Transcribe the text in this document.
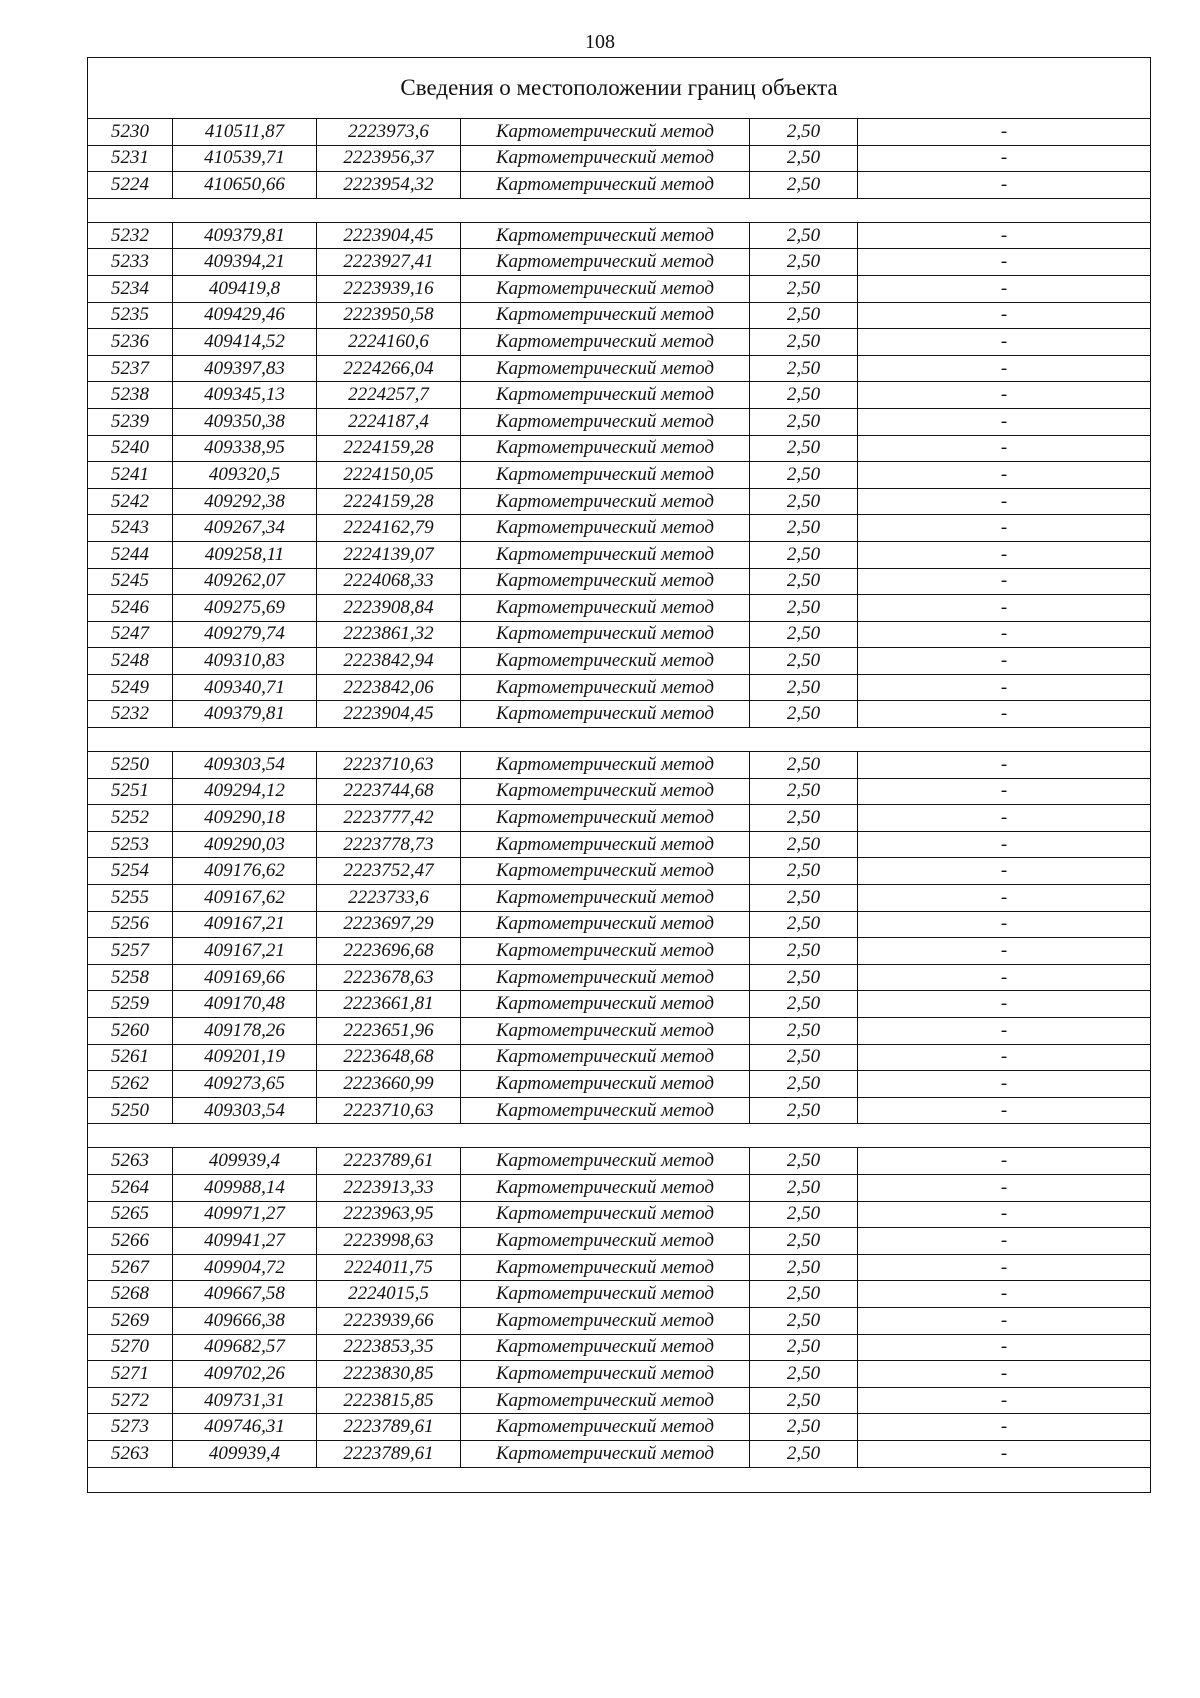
108
Сведения о местоположении границ объекта					
5230	410511,87	2223973,6	Картометрический метод	2,50	-
5231	410539,71	2223956,37	Картометрический метод	2,50	-
5224	410650,66	2223954,32	Картометрический метод	2,50	-

5232	409379,81	2223904,45	Картометрический метод	2,50	-
5233	409394,21	2223927,41	Картометрический метод	2,50	-
5234	409419,8	2223939,16	Картометрический метод	2,50	-
5235	409429,46	2223950,58	Картометрический метод	2,50	-
5236	409414,52	2224160,6	Картометрический метод	2,50	-
5237	409397,83	2224266,04	Картометрический метод	2,50	-
5238	409345,13	2224257,7	Картометрический метод	2,50	-
5239	409350,38	2224187,4	Картометрический метод	2,50	-
5240	409338,95	2224159,28	Картометрический метод	2,50	-
5241	409320,5	2224150,05	Картометрический метод	2,50	-
5242	409292,38	2224159,28	Картометрический метод	2,50	-
5243	409267,34	2224162,79	Картометрический метод	2,50	-
5244	409258,11	2224139,07	Картометрический метод	2,50	-
5245	409262,07	2224068,33	Картометрический метод	2,50	-
5246	409275,69	2223908,84	Картометрический метод	2,50	-
5247	409279,74	2223861,32	Картометрический метод	2,50	-
5248	409310,83	2223842,94	Картометрический метод	2,50	-
5249	409340,71	2223842,06	Картометрический метод	2,50	-
5232	409379,81	2223904,45	Картометрический метод	2,50	-

5250	409303,54	2223710,63	Картометрический метод	2,50	-
5251	409294,12	2223744,68	Картометрический метод	2,50	-
5252	409290,18	2223777,42	Картометрический метод	2,50	-
5253	409290,03	2223778,73	Картометрический метод	2,50	-
5254	409176,62	2223752,47	Картометрический метод	2,50	-
5255	409167,62	2223733,6	Картометрический метод	2,50	-
5256	409167,21	2223697,29	Картометрический метод	2,50	-
5257	409167,21	2223696,68	Картометрический метод	2,50	-
5258	409169,66	2223678,63	Картометрический метод	2,50	-
5259	409170,48	2223661,81	Картометрический метод	2,50	-
5260	409178,26	2223651,96	Картометрический метод	2,50	-
5261	409201,19	2223648,68	Картометрический метод	2,50	-
5262	409273,65	2223660,99	Картометрический метод	2,50	-
5250	409303,54	2223710,63	Картометрический метод	2,50	-

5263	409939,4	2223789,61	Картометрический метод	2,50	-
5264	409988,14	2223913,33	Картометрический метод	2,50	-
5265	409971,27	2223963,95	Картометрический метод	2,50	-
5266	409941,27	2223998,63	Картометрический метод	2,50	-
5267	409904,72	2224011,75	Картометрический метод	2,50	-
5268	409667,58	2224015,5	Картометрический метод	2,50	-
5269	409666,38	2223939,66	Картометрический метод	2,50	-
5270	409682,57	2223853,35	Картометрический метод	2,50	-
5271	409702,26	2223830,85	Картометрический метод	2,50	-
5272	409731,31	2223815,85	Картометрический метод	2,50	-
5273	409746,31	2223789,61	Картометрический метод	2,50	-
5263	409939,4	2223789,61	Картометрический метод	2,50	-
